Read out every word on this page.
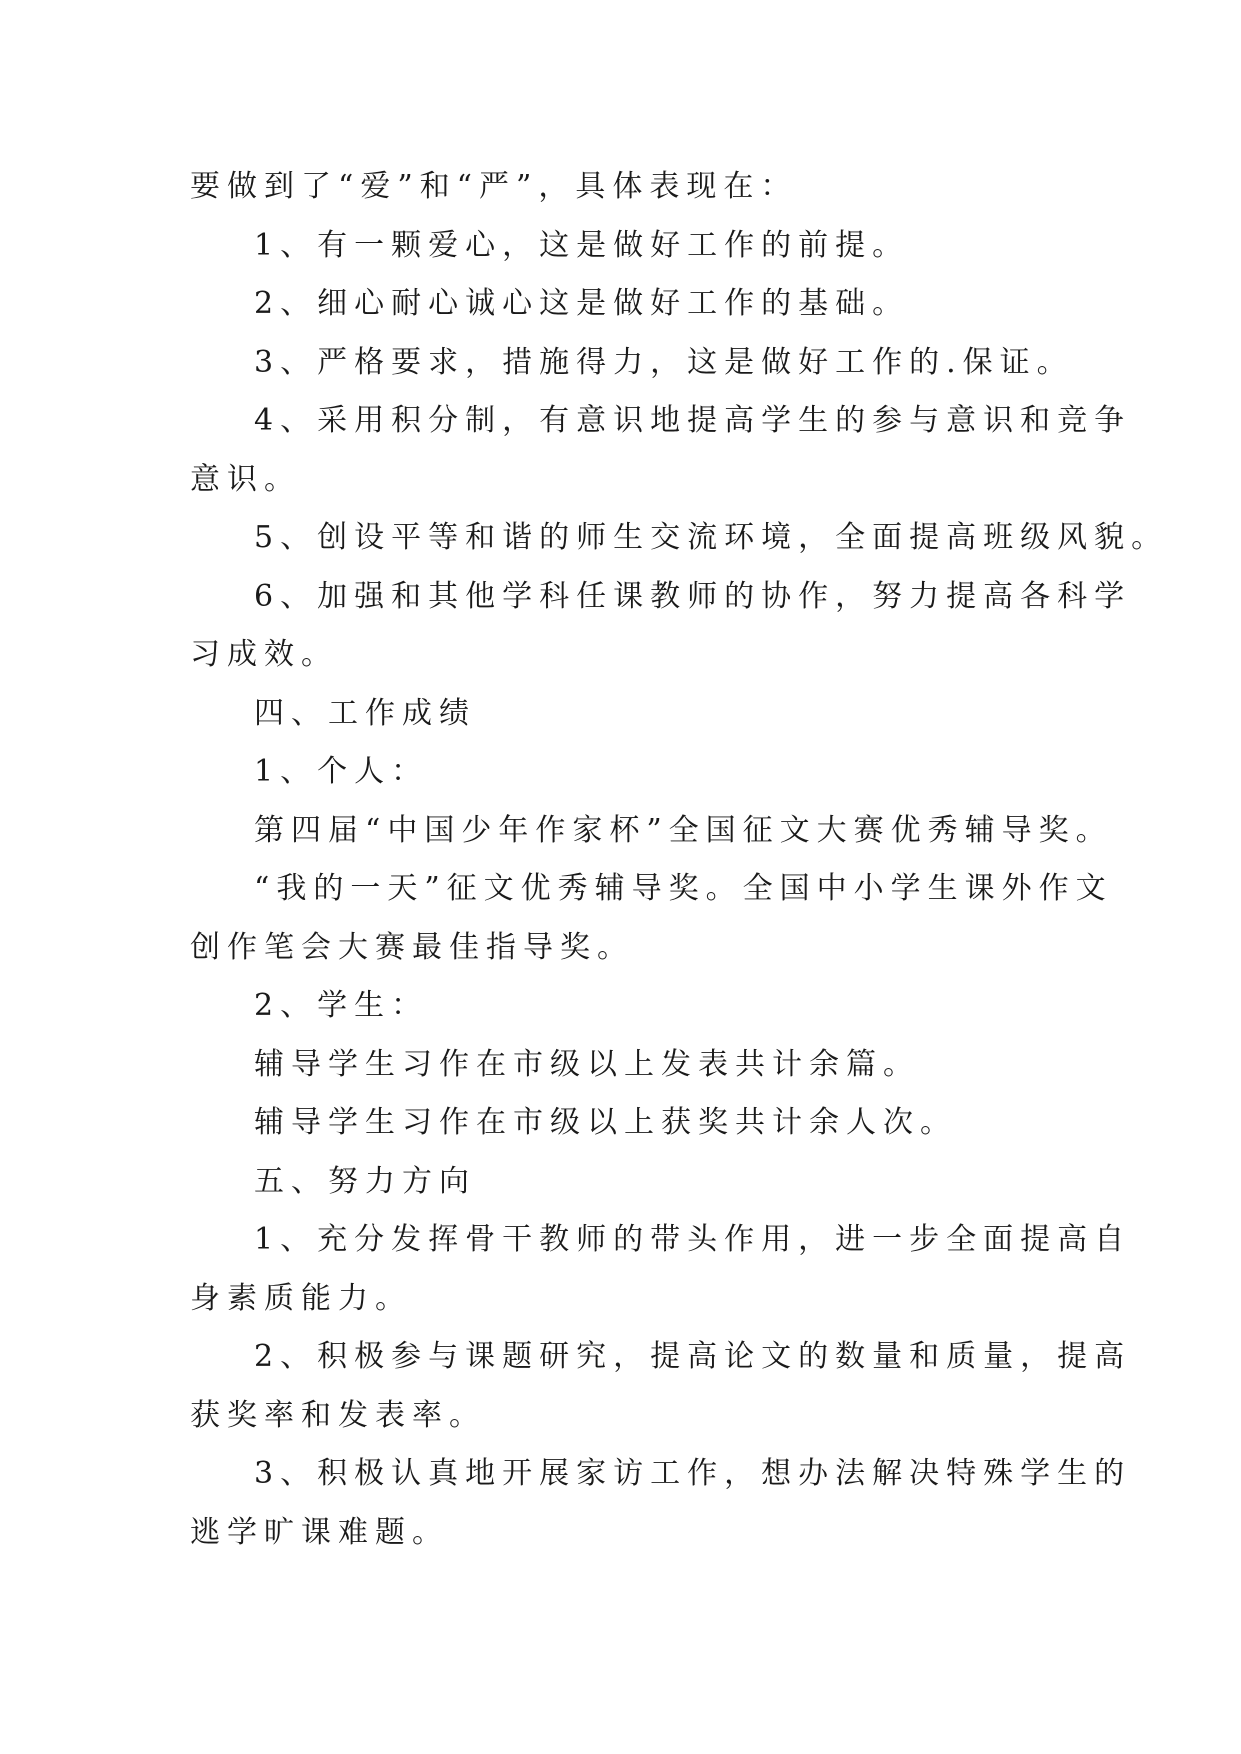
要做到了“爱”和“严”，具体表现在：
1、有一颗爱心，这是做好工作的前提。
2、细心耐心诚心这是做好工作的基础。
3、严格要求，措施得力，这是做好工作的.保证。
4、采用积分制，有意识地提高学生的参与意识和竞争
意识。
5、创设平等和谐的师生交流环境，全面提高班级风貌。
6、加强和其他学科任课教师的协作，努力提高各科学
习成效。
四、工作成绩
1、个人：
第四届“中国少年作家杯”全国征文大赛优秀辅导奖。
“我的一天”征文优秀辅导奖。全国中小学生课外作文
创作笔会大赛最佳指导奖。
2、学生：
辅导学生习作在市级以上发表共计余篇。
辅导学生习作在市级以上获奖共计余人次。
五、努力方向
1、充分发挥骨干教师的带头作用，进一步全面提高自
身素质能力。
2、积极参与课题研究，提高论文的数量和质量，提高
获奖率和发表率。
3、积极认真地开展家访工作，想办法解决特殊学生的
逃学旷课难题。
